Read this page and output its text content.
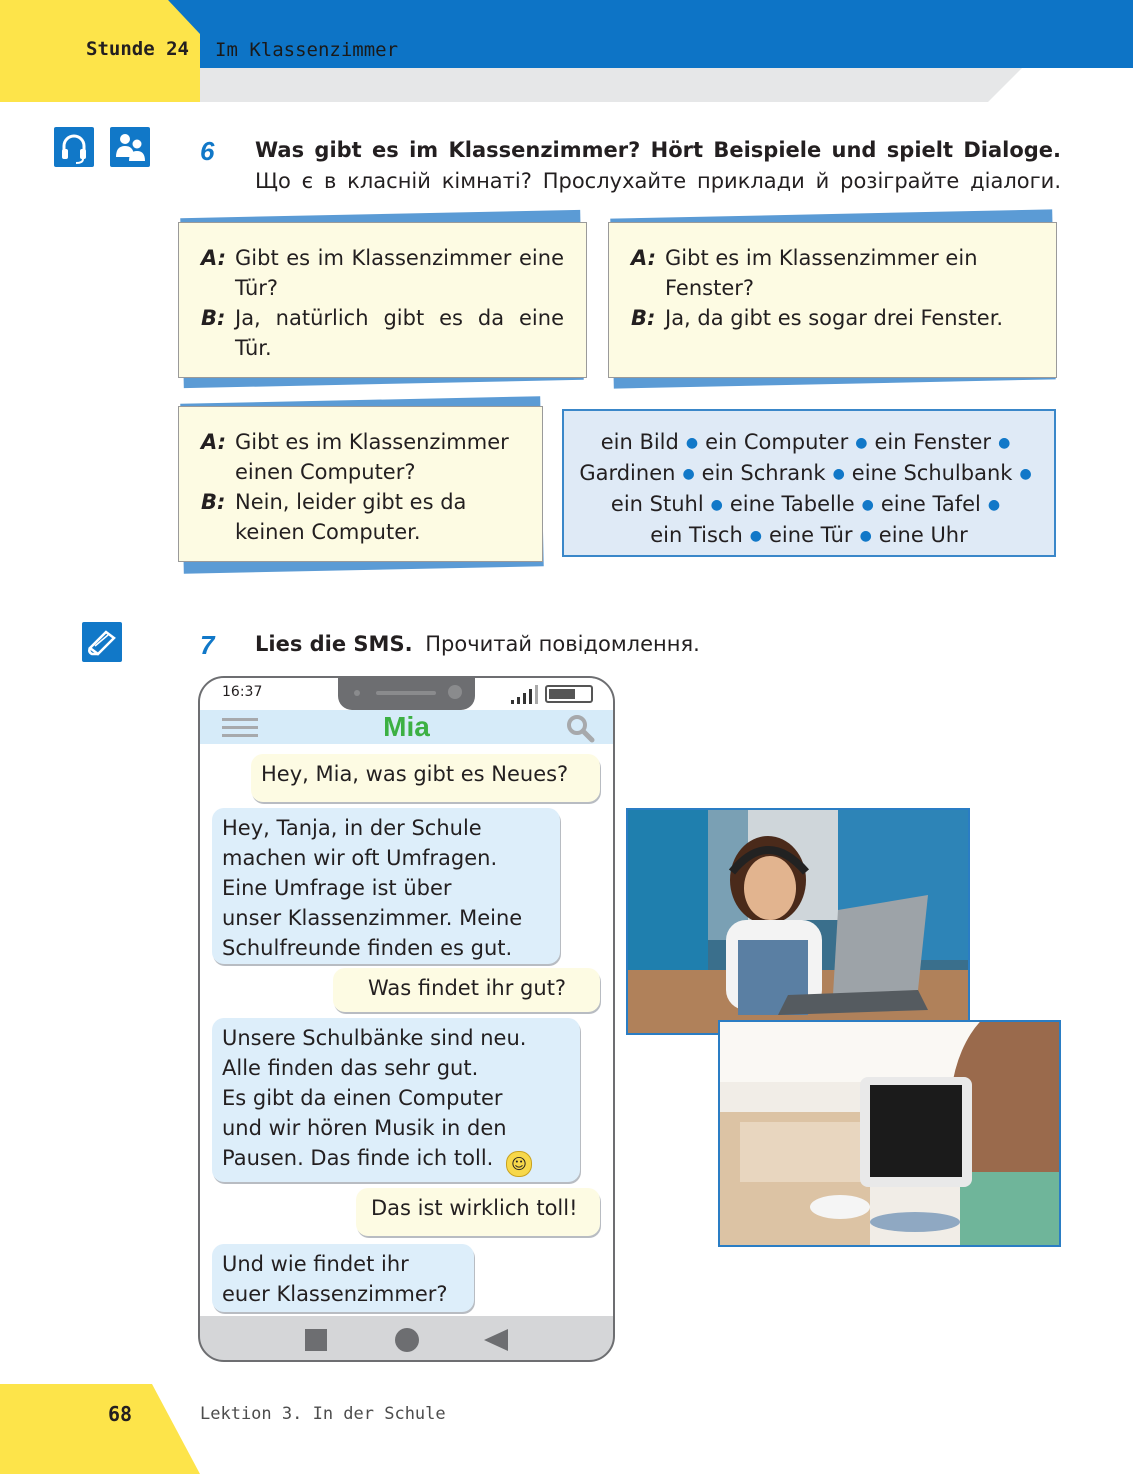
Stunde 24 Im Klassenzimmer
6 Was gibt es im Klassenzimmer? Hört Beispiele und spielt Dialoge.
Що є в класній кімнаті? Прослухайте приклади й розіграйте діалоги.
A: Gibt es im Klassenzimmer eine Tür?
B: Ja, natürlich gibt es da eine Tür.
A: Gibt es im Klassenzimmer ein Fenster?
B: Ja, da gibt es sogar drei Fenster.
A: Gibt es im Klassenzimmer einen Computer?
B: Nein, leider gibt es da keinen Computer.
ein Bild ● ein Computer ● ein Fenster ●
Gardinen ● ein Schrank ● eine Schulbank ●
ein Stuhl ● eine Tabelle ● eine Tafel ●
ein Tisch ● eine Tür ● eine Uhr
7 Lies die SMS. Прочитай повідомлення.
16:37
Mia
Hey, Mia, was gibt es Neues?
Hey, Tanja, in der Schule
machen wir oft Umfragen.
Eine Umfrage ist über
unser Klassenzimmer. Meine
Schulfreunde finden es gut.
Was findet ihr gut?
Unsere Schulbänke sind neu.
Alle finden das sehr gut.
Es gibt da einen Computer
und wir hören Musik in den
Pausen. Das finde ich toll. ☺
Das ist wirklich toll!
Und wie findet ihr
euer Klassenzimmer?
68	Lektion 3. In der Schule
